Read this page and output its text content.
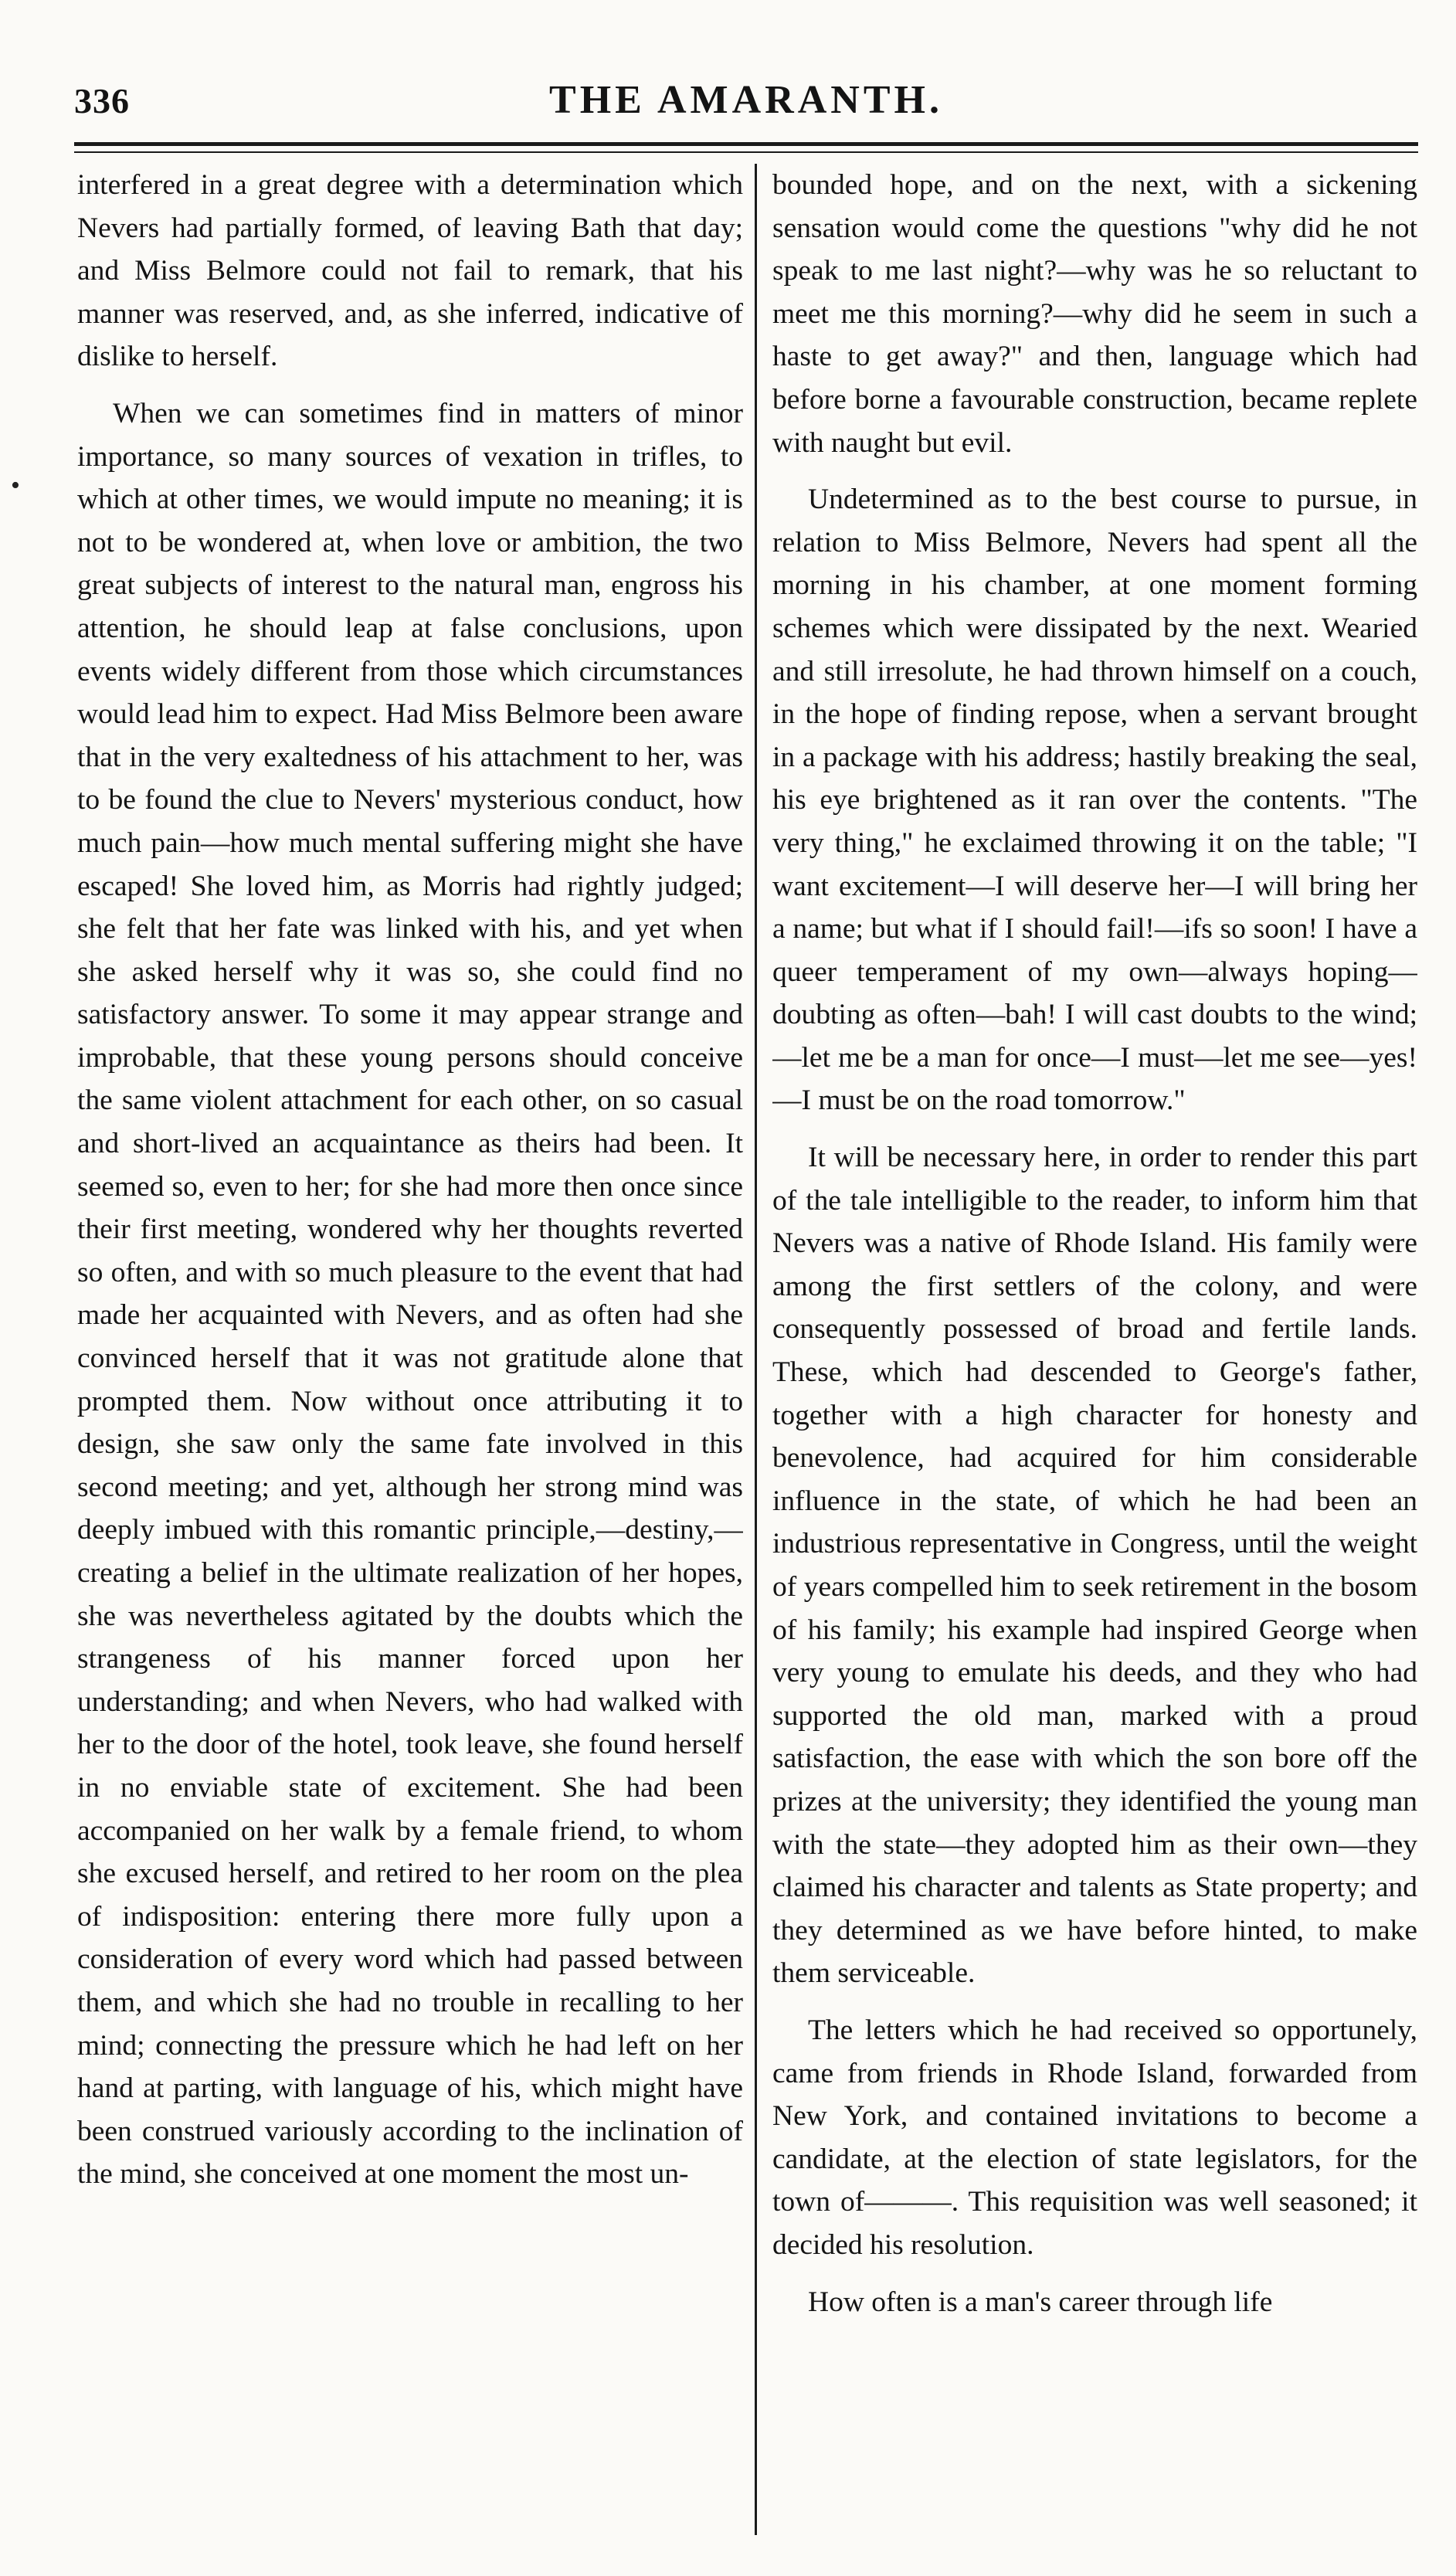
336	THE AMARANTH.

interfered in a great degree with a determination which Nevers had partially formed, of leaving Bath that day; and Miss Belmore could not fail to remark, that his manner was reserved, and, as she inferred, indicative of dislike to herself.

When we can sometimes find in matters of minor importance, so many sources of vexation in trifles, to which at other times, we would impute no meaning; it is not to be wondered at, when love or ambition, the two great subjects of interest to the natural man, engross his attention, he should leap at false conclusions, upon events widely different from those which circumstances would lead him to expect. Had Miss Belmore been aware that in the very exaltedness of his attachment to her, was to be found the clue to Nevers' mysterious conduct, how much pain—how much mental suffering might she have escaped! She loved him, as Morris had rightly judged; she felt that her fate was linked with his, and yet when she asked herself why it was so, she could find no satisfactory answer. To some it may appear strange and improbable, that these young persons should conceive the same violent attachment for each other, on so casual and short-lived an acquaintance as theirs had been. It seemed so, even to her; for she had more then once since their first meeting, wondered why her thoughts reverted so often, and with so much pleasure to the event that had made her acquainted with Nevers, and as often had she convinced herself that it was not gratitude alone that prompted them. Now without once attributing it to design, she saw only the same fate involved in this second meeting; and yet, although her strong mind was deeply imbued with this romantic principle,—destiny,—creating a belief in the ultimate realization of her hopes, she was nevertheless agitated by the doubts which the strangeness of his manner forced upon her understanding; and when Nevers, who had walked with her to the door of the hotel, took leave, she found herself in no enviable state of excitement. She had been accompanied on her walk by a female friend, to whom she excused herself, and retired to her room on the plea of indisposition: entering there more fully upon a consideration of every word which had passed between them, and which she had no trouble in recalling to her mind; connecting the pressure which he had left on her hand at parting, with language of his, which might have been construed variously according to the inclination of the mind, she conceived at one moment the most un-

bounded hope, and on the next, with a sickening sensation would come the questions "why did he not speak to me last night?—why was he so reluctant to meet me this morning?—why did he seem in such a haste to get away?" and then, language which had before borne a favourable construction, became replete with naught but evil.

Undetermined as to the best course to pursue, in relation to Miss Belmore, Nevers had spent all the morning in his chamber, at one moment forming schemes which were dissipated by the next. Wearied and still irresolute, he had thrown himself on a couch, in the hope of finding repose, when a servant brought in a package with his address; hastily breaking the seal, his eye brightened as it ran over the contents. "The very thing," he exclaimed throwing it on the table; "I want excitement—I will deserve her—I will bring her a name; but what if I should fail!—ifs so soon! I have a queer temperament of my own—always hoping—doubting as often—bah! I will cast doubts to the wind;—let me be a man for once—I must—let me see—yes!—I must be on the road tomorrow."

It will be necessary here, in order to render this part of the tale intelligible to the reader, to inform him that Nevers was a native of Rhode Island. His family were among the first settlers of the colony, and were consequently possessed of broad and fertile lands. These, which had descended to George's father, together with a high character for honesty and benevolence, had acquired for him considerable influence in the state, of which he had been an industrious representative in Congress, until the weight of years compelled him to seek retirement in the bosom of his family; his example had inspired George when very young to emulate his deeds, and they who had supported the old man, marked with a proud satisfaction, the ease with which the son bore off the prizes at the university; they identified the young man with the state—they adopted him as their own—they claimed his character and talents as State property; and they determined as we have before hinted, to make them serviceable.

The letters which he had received so opportunely, came from friends in Rhode Island, forwarded from New York, and contained invitations to become a candidate, at the election of state legislators, for the town of———. This requisition was well seasoned; it decided his resolution.

How often is a man's career through life

•
